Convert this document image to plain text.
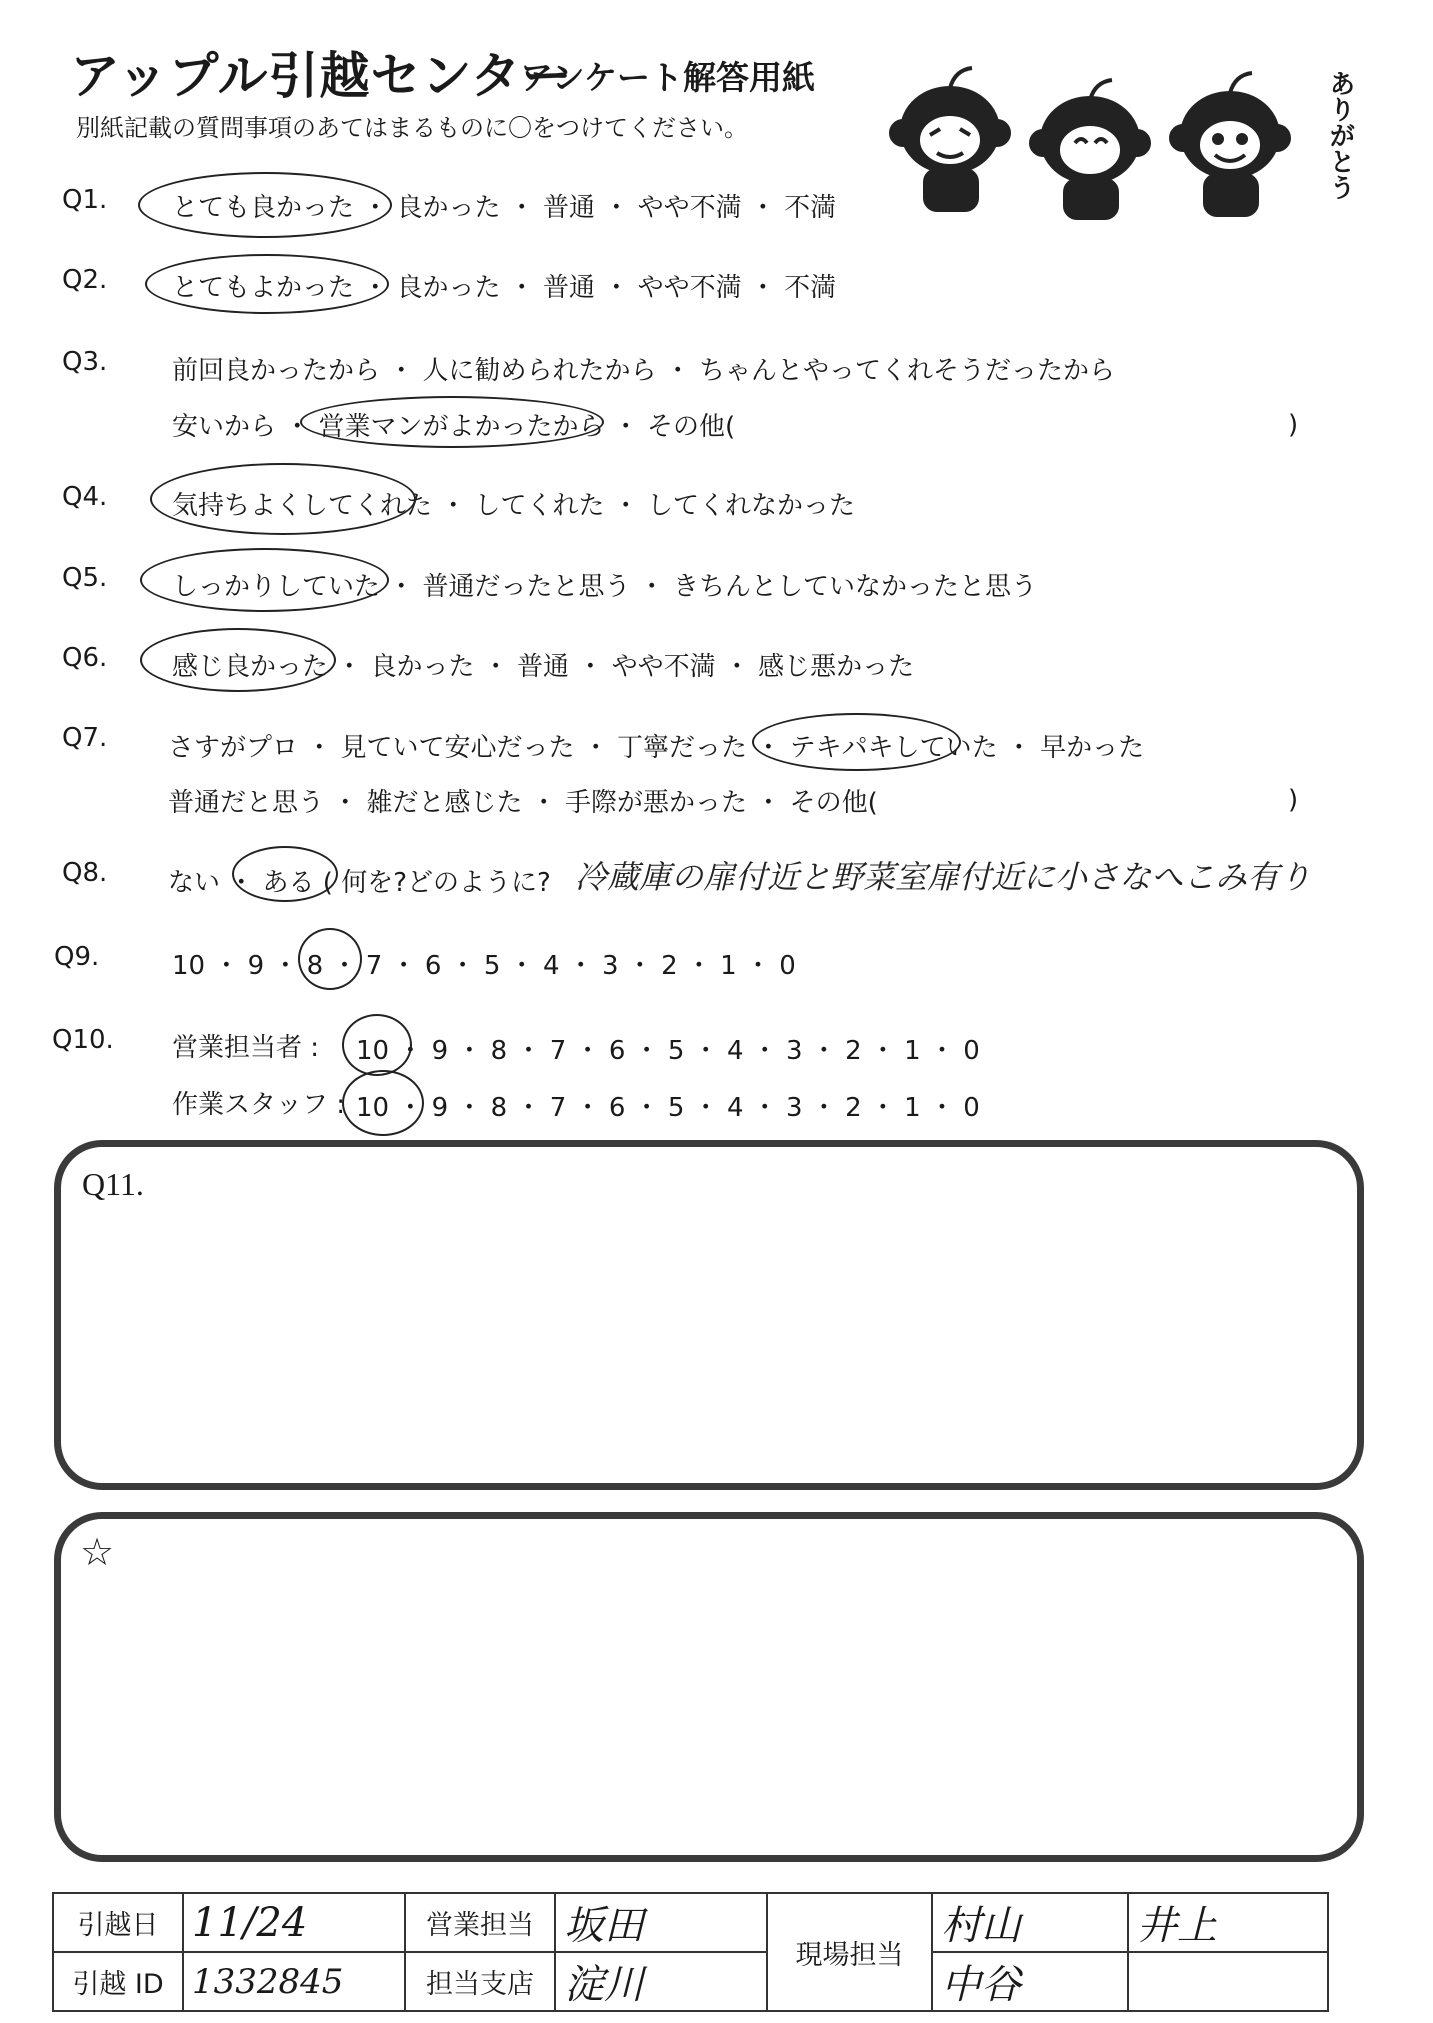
アップル引越センター
アンケート解答用紙
別紙記載の質問事項のあてはまるものに〇をつけてください。	ありがとう
Q1. とても良かった ・ 良かった ・ 普通 ・ やや不満 ・ 不満
Q2. とてもよかった ・ 良かった ・ 普通 ・ やや不満 ・ 不満
Q3. 前回良かったから ・ 人に勧められたから ・ ちゃんとやってくれそうだったから
安いから ・ 営業マンがよかったから ・ その他(	)
Q4. 気持ちよくしてくれた ・ してくれた ・ してくれなかった
Q5. しっかりしていた ・ 普通だったと思う ・ きちんとしていなかったと思う
Q6. 感じ良かった ・ 良かった ・ 普通 ・ やや不満 ・ 感じ悪かった
Q7. さすがプロ ・ 見ていて安心だった ・ 丁寧だった ・ テキパキしていた ・ 早かった
普通だと思う ・ 雑だと感じた ・ 手際が悪かった ・ その他(	)
Q8. ない ・ ある ( 何を?どのように? 冷蔵庫の扉付近と野菜室扉付近に小さなへこみ有り
Q9.	10 ・ 9 ・ 8 ・ 7 ・ 6 ・ 5 ・ 4 ・ 3 ・ 2 ・ 1 ・ 0
Q10. 営業担当者 : 10 ・ 9 ・ 8 ・ 7 ・ 6 ・ 5 ・ 4 ・ 3 ・ 2 ・ 1 ・ 0
作業スタッフ : 10 ・ 9 ・ 8 ・ 7 ・ 6 ・ 5 ・ 4 ・ 3 ・ 2 ・ 1 ・ 0
Q11.
☆
引越日	11/24	営業担当	坂田	現場担当	村山	井上
引越 ID	1332845	担当支店	淀川		中谷	
